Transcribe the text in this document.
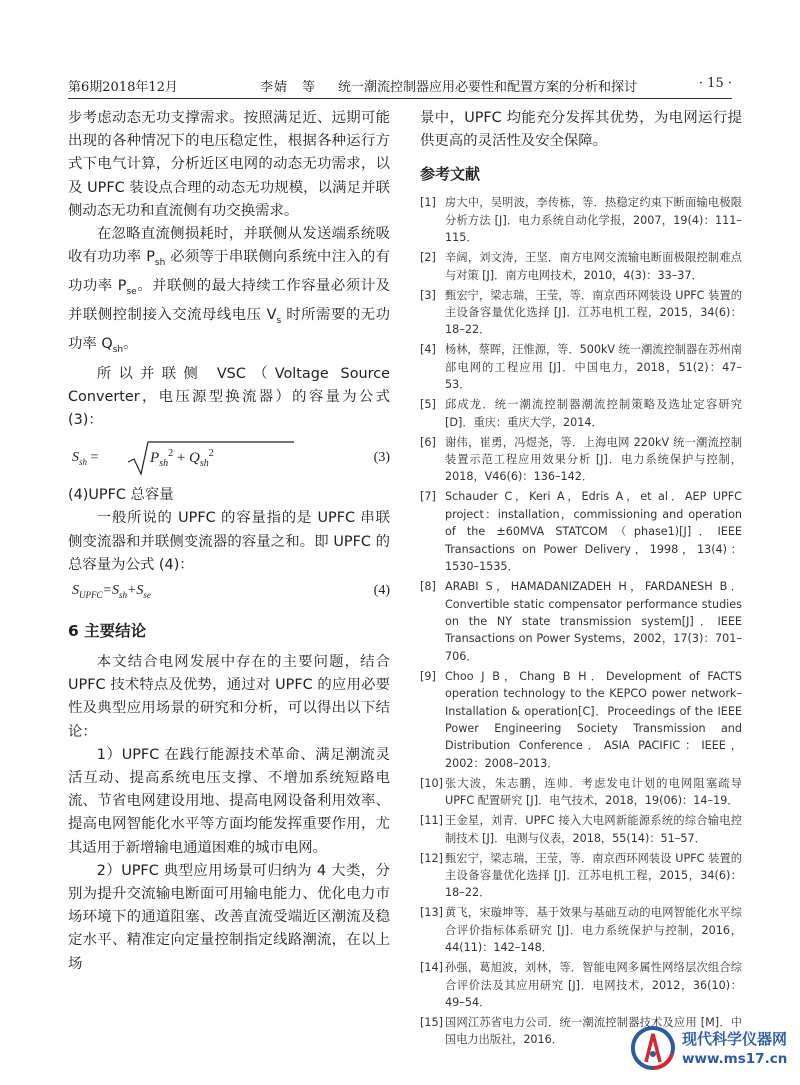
第6期2018年12月	李婧　等 统一潮流控制器应用必要性和配置方案的分析和探讨	· 15 ·

步考虑动态无功支撑需求。按照满足近、远期可能出现的各种情况下的电压稳定性，根据各种运行方式下电气计算，分析近区电网的动态无功需求，以及 UPFC 装设点合理的动态无功规模，以满足并联侧动态无功和直流侧有功交换需求。

在忽略直流侧损耗时，并联侧从发送端系统吸收有功功率 $P_{sh}$ 必须等于串联侧向系统中注入的有功功率 $P_{se}$。并联侧的最大持续工作容量必须计及并联侧控制接入交流母线电压 $V_s$ 时所需要的无功功率 $Q_{sh}$。

所以并联侧 VSC（Voltage Source Converter，电压源型换流器）的容量为公式 (3)：

$S_{sh}$ =	$P_{sh}^2 + Q_{sh}^2$	(3)

(4)UPFC 总容量

一般所说的 UPFC 的容量指的是 UPFC 串联侧变流器和并联侧变流器的容量之和。即 UPFC 的总容量为公式 (4)：

$S_{UPFC}=S_{sh}+S_{se}$	(4)
6 主要结论

本文结合电网发展中存在的主要问题，结合 UPFC 技术特点及优势，通过对 UPFC 的应用必要性及典型应用场景的研究和分析，可以得出以下结论：

1）UPFC 在践行能源技术革命、满足潮流灵活互动、提高系统电压支撑、不增加系统短路电流、节省电网建设用地、提高电网设备利用效率、提高电网智能化水平等方面均能发挥重要作用，尤其适用于新增输电通道困难的城市电网。

2）UPFC 典型应用场景可归纳为 4 大类，分别为提升交流输电断面可用输电能力、优化电力市场环境下的通道阻塞、改善直流受端近区潮流及稳定水平、精准定向定量控制指定线路潮流，在以上场

景中，UPFC 均能充分发挥其优势，为电网运行提供更高的灵活性及安全保障。

参考文献
[1] 房大中，吴明波，李传栋，等．热稳定约束下断面输电极限分析方法 [J]．电力系统自动化学报，2007，19(4)：111–115．
[2] 辛阔，刘文涛，王坚．南方电网交流输电断面极限控制难点与对策 [J]．南方电网技术，2010，4(3)：33–37．
[3] 甄宏宁，梁志瑞，王莹，等．南京西环网装设 UPFC 装置的主设备容量优化选择 [J]．江苏电机工程，2015，34(6)：18–22．
[4] 杨林，蔡晖，汪惟源，等．500kV 统一潮流控制器在苏州南部电网的工程应用 [J]．中国电力，2018，51(2)：47–53．
[5] 邱成龙．统一潮流控制器潮流控制策略及选址定容研究 [D]．重庆：重庆大学，2014．
[6] 谢伟，崔勇，冯煜尧，等．上海电网 220kV 统一潮流控制装置示范工程应用效果分析 [J]．电力系统保护与控制，2018，V46(6)：136–142．
[7] Schauder C，Keri A，Edris A，et al．AEP UPFC project：installation，commissioning and operation of the ±60MVA STATCOM（phase1)[J]．IEEE Transactions on Power Delivery，1998，13(4)：1530–1535．
[8] ARABI S，HAMADANIZADEH H，FARDANESH B．Convertible static compensator performance studies on the NY state transmission system[J]．IEEE Transactions on Power Systems，2002，17(3)：701–706．
[9] Choo J B，Chang B H．Development of FACTS operation technology to the KEPCO power network–Installation & operation[C]．Proceedings of the IEEE Power Engineering Society Transmission and Distribution Conference．ASIA PACIFIC：IEEE，2002：2008–2013．
[10] 张大波，朱志鹏，连帅．考虑发电计划的电网阻塞疏导 UPFC 配置研究 [J]．电气技术，2018，19(06)：14–19．
[11] 王金星，刘青．UPFC 接入大电网新能源系统的综合输电控制技术 [J]．电测与仪表，2018，55(14)：51–57．
[12] 甄宏宁，梁志瑞，王莹，等．南京西环网装设 UPFC 装置的主设备容量优化选择 [J]．江苏电机工程，2015，34(6)：18–22．
[13] 黄飞，宋璇坤等．基于效果与基础互动的电网智能化水平综合评价指标体系研究 [J]．电力系统保护与控制，2016，44(11)：142–148．
[14] 孙强，葛旭波，刘林，等．智能电网多属性网络层次组合综合评价法及其应用研究 [J]．电网技术，2012，36(10)：49–54．
[15] 国网江苏省电力公司．统一潮流控制器技术及应用 [M]．中国电力出版社，2016．	现代科学仪器网
www.ms17.cn
